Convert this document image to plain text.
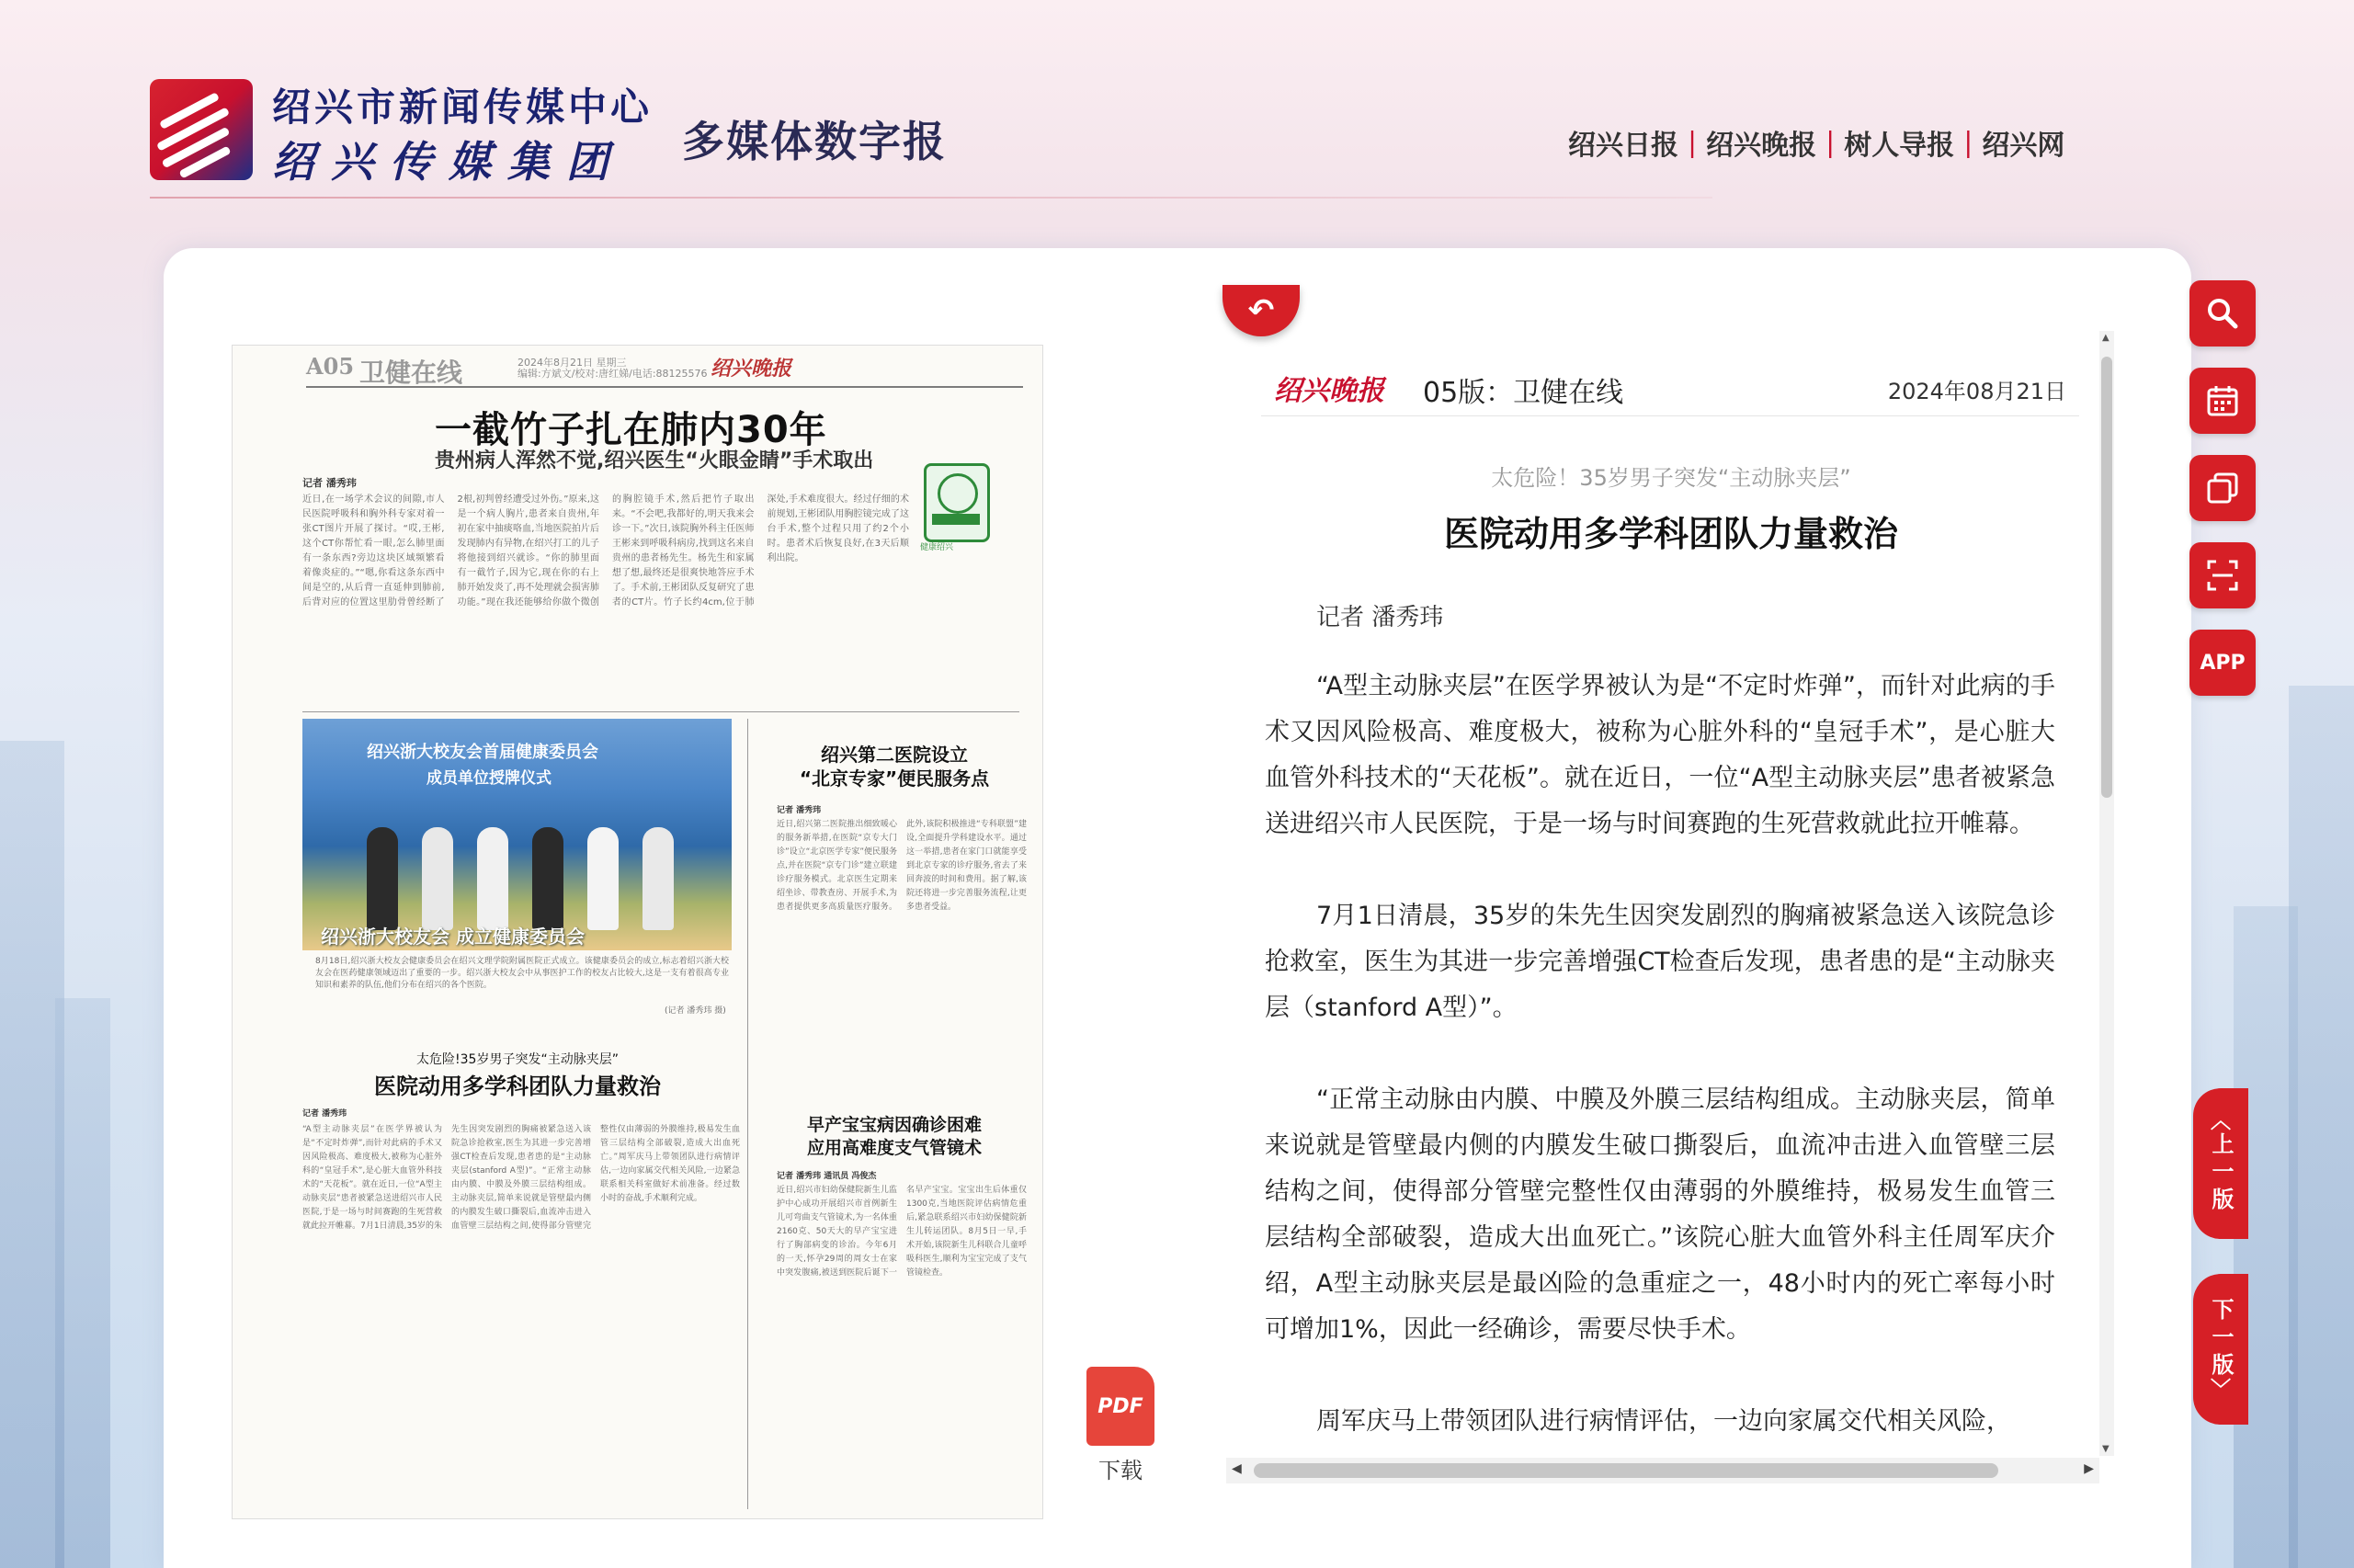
绍兴市新闻传媒中心
绍兴传媒集团 多媒体数字报	绍兴日报 | 绍兴晚报 | 树人导报 | 绍兴网
A05 卫健在线	2024年8月21日 星期三
编辑:方斌文/校对:唐红娣/电话:88125576 绍兴晚报
一截竹子扎在肺内30年
贵州病人浑然不觉,绍兴医生“火眼金睛”手术取出
记者 潘秀玮
近日,在一场学术会议的间隙,市人民医院呼吸科和胸外科专家对着一张CT图片开展了探讨。“哎,王彬,这个CT你帮忙看一眼,怎么肺里面有一条东西?旁边这块区域频繁看着像炎症的。”“嗯,你看这条东西中间是空的,从后背一直延伸到肺前,后背对应的位置这里肋骨曾经断了2根,初判曾经遭受过外伤。”原来,这是一个病人胸片,患者来自贵州,年初在家中抽痰咯血,当地医院拍片后发现肺内有异物,在绍兴打工的儿子将他接到绍兴就诊。“你的肺里面有一截竹子,因为它,现在你的右上肺开始发炎了,再不处理就会损害肺功能。”现在我还能够给你做个微创的胸腔镜手术,然后把竹子取出来。“不会吧,我都好的,明天我来会诊一下。”次日,该院胸外科主任医师王彬来到呼吸科病房,找到这名来自贵州的患者杨先生。杨先生和家属想了想,最终还是很爽快地答应手术了。手术前,王彬团队反复研究了患者的CT片。竹子长约4cm,位于肺深处,手术难度很大。经过仔细的术前规划,王彬团队用胸腔镜完成了这台手术,整个过程只用了约2个小时。患者术后恢复良好,在3天后顺利出院。
健康绍兴
绍兴浙大校友会首届健康委员会
成员单位授牌仪式
绍兴浙大校友会 成立健康委员会
8月18日,绍兴浙大校友会健康委员会在绍兴文理学院附属医院正式成立。该健康委员会的成立,标志着绍兴浙大校友会在医药健康领域迈出了重要的一步。绍兴浙大校友会中从事医护工作的校友占比较大,这是一支有着很高专业知识和素养的队伍,他们分布在绍兴的各个医院。
(记者 潘秀玮 摄)
绍兴第二医院设立
“北京专家”便民服务点
记者 潘秀玮
近日,绍兴第二医院推出细致暖心的服务新举措,在医院“京专大门诊”设立“北京医学专家”便民服务点,并在医院“京专门诊”建立联建诊疗服务模式。北京医生定期来绍坐诊、带教查房、开展手术,为患者提供更多高质量医疗服务。此外,该院积极推进“专科联盟”建设,全面提升学科建设水平。通过这一举措,患者在家门口就能享受到北京专家的诊疗服务,省去了来回奔波的时间和费用。据了解,该院还将进一步完善服务流程,让更多患者受益。
太危险!35岁男子突发“主动脉夹层”
医院动用多学科团队力量救治
记者 潘秀玮
“A型主动脉夹层”在医学界被认为是“不定时炸弹”,而针对此病的手术又因风险极高、难度极大,被称为心脏外科的“皇冠手术”,是心脏大血管外科技术的“天花板”。就在近日,一位“A型主动脉夹层”患者被紧急送进绍兴市人民医院,于是一场与时间赛跑的生死营救就此拉开帷幕。7月1日清晨,35岁的朱先生因突发剧烈的胸痛被紧急送入该院急诊抢救室,医生为其进一步完善增强CT检查后发现,患者患的是“主动脉夹层(stanford A型)”。“正常主动脉由内膜、中膜及外膜三层结构组成。主动脉夹层,简单来说就是管壁最内侧的内膜发生破口撕裂后,血流冲击进入血管壁三层结构之间,使得部分管壁完整性仅由薄弱的外膜维持,极易发生血管三层结构全部破裂,造成大出血死亡。”周军庆马上带领团队进行病情评估,一边向家属交代相关风险,一边紧急联系相关科室做好术前准备。经过数小时的奋战,手术顺利完成。
早产宝宝病因确诊困难
应用高难度支气管镜术
记者 潘秀玮 通讯员 冯俊杰
近日,绍兴市妇幼保健院新生儿监护中心成功开展绍兴市首例新生儿可弯曲支气管镜术,为一名体重2160克、50天大的早产宝宝进行了胸部病变的诊治。今年6月的一天,怀孕29周的周女士在家中突发腹痛,被送到医院后诞下一名早产宝宝。宝宝出生后体重仅1300克,当地医院评估病情危重后,紧急联系绍兴市妇幼保健院新生儿转运团队。8月5日一早,手术开始,该院新生儿科联合儿童呼吸科医生,顺利为宝宝完成了支气管镜检查。
PDF
下载
↶
绍兴晚报 05版：卫健在线	2024年08月21日
太危险！35岁男子突发“主动脉夹层”
医院动用多学科团队力量救治
记者 潘秀玮

“A型主动脉夹层”在医学界被认为是“不定时炸弹”，而针对此病的手术又因风险极高、难度极大，被称为心脏外科的“皇冠手术”，是心脏大血管外科技术的“天花板”。就在近日，一位“A型主动脉夹层”患者被紧急送进绍兴市人民医院，于是一场与时间赛跑的生死营救就此拉开帷幕。

7月1日清晨，35岁的朱先生因突发剧烈的胸痛被紧急送入该院急诊抢救室，医生为其进一步完善增强CT检查后发现，患者患的是“主动脉夹层（stanford A型）”。

“正常主动脉由内膜、中膜及外膜三层结构组成。主动脉夹层，简单来说就是管壁最内侧的内膜发生破口撕裂后，血流冲击进入血管壁三层结构之间，使得部分管壁完整性仅由薄弱的外膜维持，极易发生血管三层结构全部破裂，造成大出血死亡。”该院心脏大血管外科主任周军庆介绍，A型主动脉夹层是最凶险的急重症之一，48小时内的死亡率每小时可增加1%，因此一经确诊，需要尽快手术。

周军庆马上带领团队进行病情评估，一边向家属交代相关风险，

▲
▼
◀	▶
APP
︿
上一版
下一版
﹀
